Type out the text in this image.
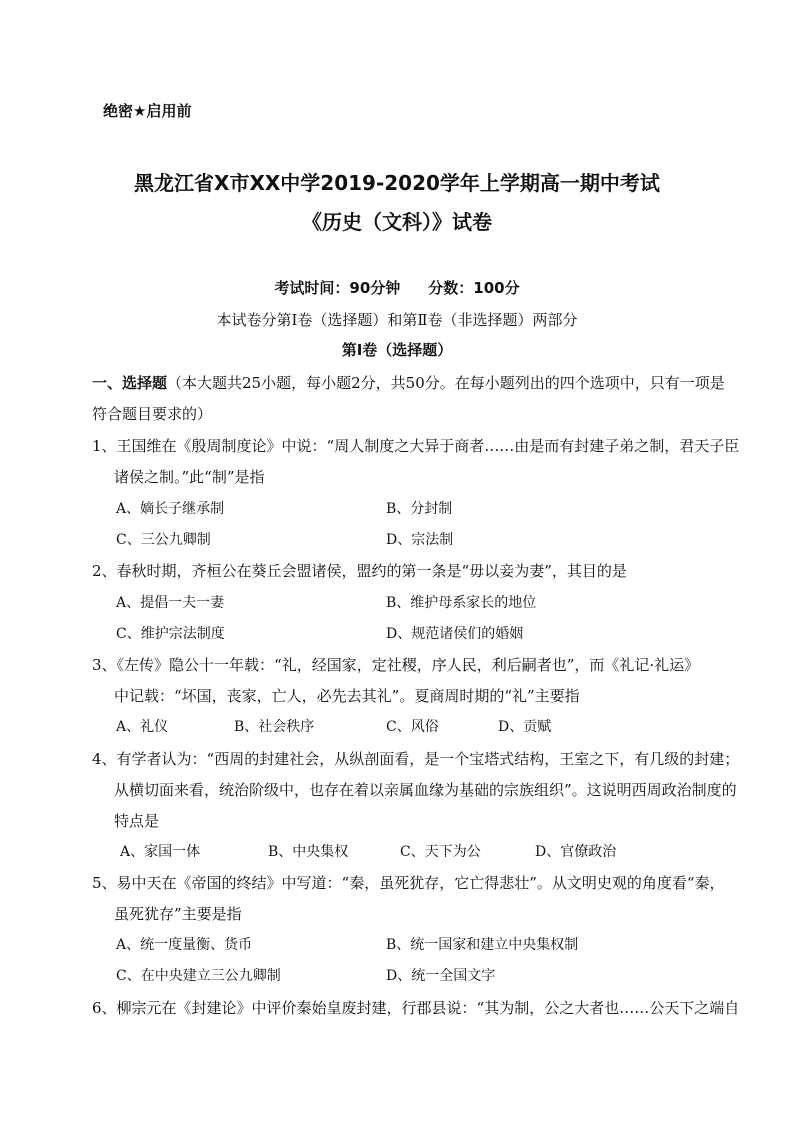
绝密★启用前
黑龙江省X市XX中学2019-2020学年上学期高一期中考试
《历史（文科）》试卷
考试时间：90分钟 分数：100分
本试卷分第Ⅰ卷（选择题）和第Ⅱ卷（非选择题）两部分
第Ⅰ卷（选择题）
一、选择题（本大题共25小题，每小题2分，共50分。在每小题列出的四个选项中，只有一项是
符合题目要求的）
1、王国维在《殷周制度论》中说：“周人制度之大异于商者……由是而有封建子弟之制，君天子臣
诸侯之制。”此“制”是指
A、嫡长子继承制	B、分封制
C、三公九卿制	D、宗法制
2、春秋时期，齐桓公在葵丘会盟诸侯，盟约的第一条是“毋以妾为妻”，其目的是
A、提倡一夫一妻	B、维护母系家长的地位
C、维护宗法制度	D、规范诸侯们的婚姻
3、《左传》隐公十一年载：“礼，经国家，定社稷，序人民，利后嗣者也”，而《礼记·礼运》
中记载：“坏国，丧家，亡人，必先去其礼”。夏商周时期的“礼”主要指
A、礼仪	B、社会秩序	C、风俗	D、贡赋
4、有学者认为：“西周的封建社会，从纵剖面看，是一个宝塔式结构，王室之下，有几级的封建；
从横切面来看，统治阶级中，也存在着以亲属血缘为基础的宗族组织”。这说明西周政治制度的
特点是
A、家国一体	B、中央集权	C、天下为公	D、官僚政治
5、易中天在《帝国的终结》中写道：“秦，虽死犹存，它亡得悲壮”。从文明史观的角度看“秦，
虽死犹存”主要是指
A、统一度量衡、货币	B、统一国家和建立中央集权制
C、在中央建立三公九卿制	D、统一全国文字
6、柳宗元在《封建论》中评价秦始皇废封建，行郡县说：“其为制，公之大者也……公天下之端自
